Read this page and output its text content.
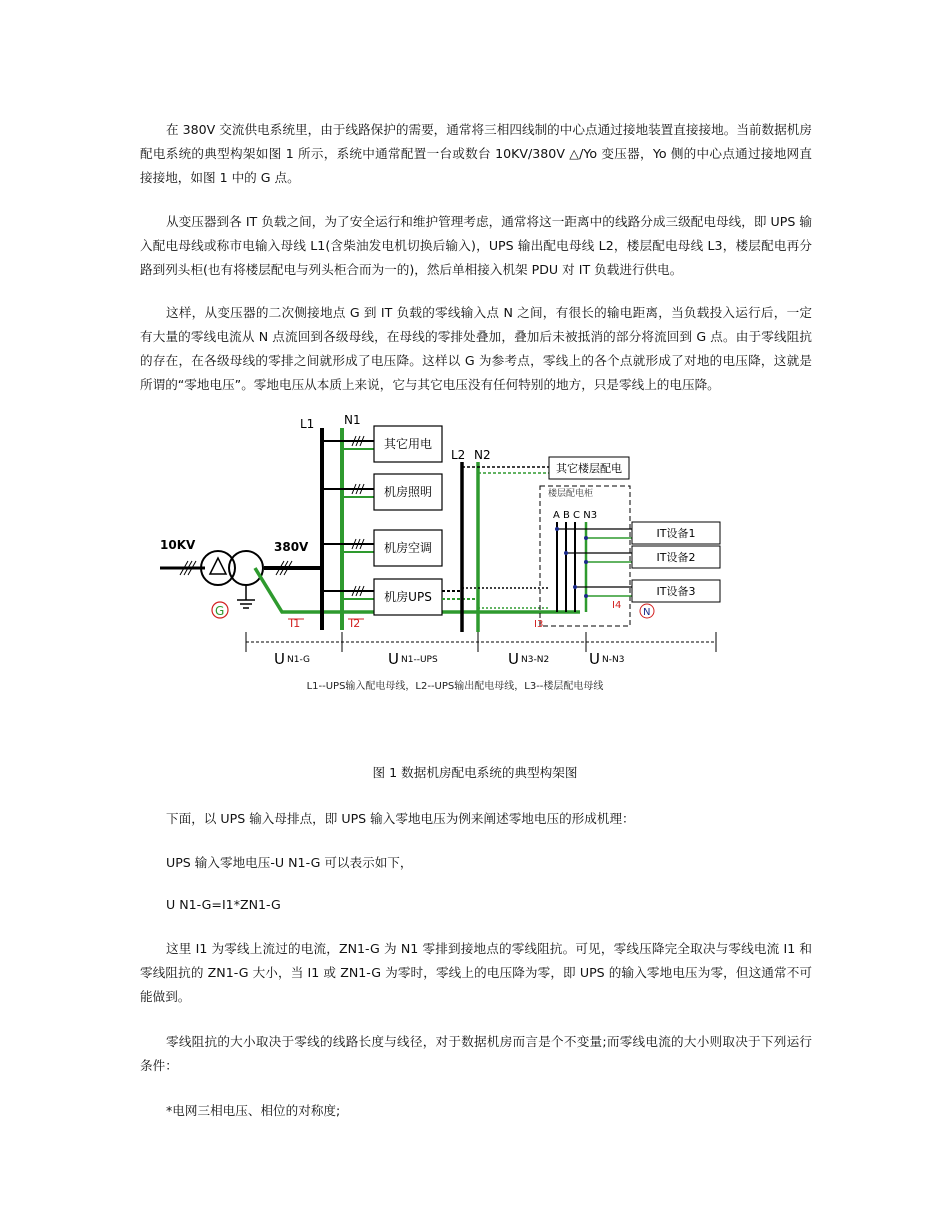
在 380V 交流供电系统里，由于线路保护的需要，通常将三相四线制的中心点通过接地装置直接接地。当前数据机房配电系统的典型构架如图 1 所示，系统中通常配置一台或数台 10KV/380V △/Yo 变压器，Yo 侧的中心点通过接地网直接接地，如图 1 中的 G 点。

从变压器到各 IT 负载之间，为了安全运行和维护管理考虑，通常将这一距离中的线路分成三级配电母线，即 UPS 输入配电母线或称市电输入母线 L1(含柴油发电机切换后输入)，UPS 输出配电母线 L2，楼层配电母线 L3，楼层配电再分路到列头柜(也有将楼层配电与列头柜合而为一的)，然后单相接入机架 PDU 对 IT 负载进行供电。

这样，从变压器的二次侧接地点 G 到 IT 负载的零线输入点 N 之间，有很长的输电距离，当负载投入运行后，一定有大量的零线电流从 N 点流回到各级母线，在母线的零排处叠加，叠加后未被抵消的部分将流回到 G 点。由于零线阻抗的存在，在各级母线的零排之间就形成了电压降。这样以 G 为参考点，零线上的各个点就形成了对地的电压降，这就是所谓的“零地电压”。零地电压从本质上来说，它与其它电压没有任何特别的地方，只是零线上的电压降。

G
L1 N1
其它用电
机房照明
机房空调
机房UPS
L2 N2
其它楼层配电
楼层配电柜
A B C N3
IT设备1
IT设备2
IT设备3
N
I1	I2	I3
I4
10KV	380V
U N1-G	U N1--UPS	U N3-N2	U N-N3
L1--UPS输入配电母线，L2--UPS输出配电母线，L3--楼层配电母线
图 1 数据机房配电系统的典型构架图

下面，以 UPS 输入母排点，即 UPS 输入零地电压为例来阐述零地电压的形成机理：

UPS 输入零地电压-U N1-G 可以表示如下，

U N1-G=I1*ZN1-G

这里 I1 为零线上流过的电流，ZN1-G 为 N1 零排到接地点的零线阻抗。可见，零线压降完全取决与零线电流 I1 和零线阻抗的 ZN1-G 大小，当 I1 或 ZN1-G 为零时，零线上的电压降为零，即 UPS 的输入零地电压为零，但这通常不可能做到。

零线阻抗的大小取决于零线的线路长度与线径，对于数据机房而言是个不变量;而零线电流的大小则取决于下列运行条件：

*电网三相电压、相位的对称度;
